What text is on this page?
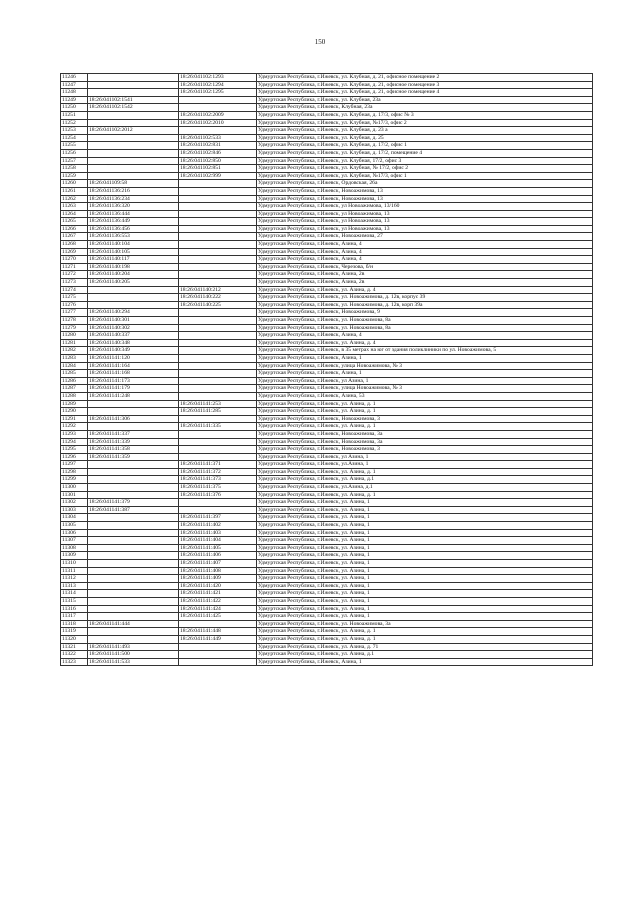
150
11246		18:26:041102:1293	Удмуртская Республика, г.Ижевск, ул. Клубная, д. 21, офисное помещение 2
11247		18:26:041102:1294	Удмуртская Республика, г.Ижевск, ул. Клубная, д. 21, офисное помещение 3
11248		18:26:041102:1295	Удмуртская Республика, г.Ижевск, ул. Клубная, д. 21, офисное помещение 4
11249	18:26:041102:1541		Удмуртская Республика, г.Ижевск, ул. Клубная, 23а
11250	18:26:041102:1542		Удмуртская Республика, г.Ижевск, Клубная, 23а
11251		18:26:041102:2009	Удмуртская Республика, г.Ижевск, ул. Клубная, д. 17/3, офис № 3
11252		18:26:041102:2010	Удмуртская Республика, г.Ижевск, ул. Клубная, №17/3, офис 2
11253	18:26:041102:2012		Удмуртская Республика, г.Ижевск, ул. Клубная, д. 23 а
11254		18:26:041102:533	Удмуртская Республика, г.Ижевск, ул. Клубная, д. 25
11255		18:26:041102:831	Удмуртская Республика, г.Ижевск, ул. Клубная, д. 17/2, офис 1
11256		18:26:041102:846	Удмуртская Республика, г.Ижевск, ул. Клубная, д. 17/2, помещение 4
11257		18:26:041102:850	Удмуртская Республика, г.Ижевск, ул. Клубная, 17/2, офис 3
11258		18:26:041102:851	Удмуртская Республика, г.Ижевск, ул. Клубная, № 17/2, офис 2
11259		18:26:041102:999	Удмуртская Республика, г.Ижевск, ул. Клубная, №17/3, офис 1
11260	18:26:041109:58		Удмуртская Республика, г.Ижевск, Ордовская, 26а
11261	18:26:041136:216		Удмуртская Республика, г.Ижевск, Новоажимова, 13
11262	18:26:041136:234		Удмуртская Республика, г.Ижевск, Новоажимова, 13
11263	18:26:041136:320		Удмуртская Республика, г.Ижевск, ул Новоажимова, 13/160
11264	18:26:041136:444		Удмуртская Республика, г.Ижевск, ул Новоажимова, 13
11265	18:26:041136:449		Удмуртская Республика, г.Ижевск, ул Новоажимова, 13
11266	18:26:041136:456		Удмуртская Республика, г.Ижевск, ул Новоажимова, 13
11267	18:26:041136:553		Удмуртская Республика, г.Ижевск, Новоажимова, 27
11268	18:26:041140:104		Удмуртская Республика, г.Ижевск, Азина, 4
11269	18:26:041140:105		Удмуртская Республика, г.Ижевск, Азина, 4
11270	18:26:041140:117		Удмуртская Республика, г.Ижевск, Азина, 4
11271	18:26:041140:198		Удмуртская Республика, г.Ижевск, Черезова, б/н
11272	18:26:041140:204		Удмуртская Республика, г.Ижевск, Азина, 2в
11273	18:26:041140:205		Удмуртская Республика, г.Ижевск, Азина, 2в
11274		18:26:041140:212	Удмуртская Республика, г.Ижевск, ул. Азина, д. 4
11275		18:26:041140:222	Удмуртская Республика, г.Ижевск, ул. Новоажимова, д. 12в, корпус 39
11276		18:26:041140:225	Удмуртская Республика, г.Ижевск, ул. Новоажимова, д. 12в, корп 39а
11277	18:26:041140:294		Удмуртская Республика, г.Ижевск, Новоажимова, 9
11278	18:26:041140:301		Удмуртская Республика, г.Ижевск, ул. Новоажимова, 8а
11279	18:26:041140:302		Удмуртская Республика, г.Ижевск, ул. Новоажимова, 8а
11280	18:26:041140:337		Удмуртская Республика, г.Ижевск, Азина, 4
11281	18:26:041140:348		Удмуртская Республика, г.Ижевск, ул. Азина, д. 4
11282	18:26:041140:349		Удмуртская Республика, г.Ижевск, в 35 метрах на юг от здания поликлиники по ул. Новоажимова, 5
11283	18:26:041141:120		Удмуртская Республика, г.Ижевск, Азина, 1
11284	18:26:041141:164		Удмуртская Республика, г.Ижевск, улица Новоажимова, № 3
11285	18:26:041141:168		Удмуртская Республика, г.Ижевск, Азина, 1
11286	18:26:041141:173		Удмуртская Республика, г.Ижевск, ул Азина, 1
11287	18:26:041141:179		Удмуртская Республика, г.Ижевск, улица Новоажимова, № 3
11288	18:26:041141:248		Удмуртская Республика, г.Ижевск, Азина, 53
11289		18:26:041141:253	Удмуртская Республика, г.Ижевск, ул. Азина, д. 1
11290		18:26:041141:285	Удмуртская Республика, г.Ижевск, ул. Азина, д. 1
11291	18:26:041141:306		Удмуртская Республика, г.Ижевск, Новоажимова, 3
11292		18:26:041141:335	Удмуртская Республика, г.Ижевск, ул. Азина, д. 1
11293	18:26:041141:337		Удмуртская Республика, г.Ижевск, Новоажимова, 3а
11294	18:26:041141:339		Удмуртская Республика, г.Ижевск, Новоажимова, 3а
11295	18:26:041141:358		Удмуртская Республика, г.Ижевск, Новоажимова, 3
11296	18:26:041141:359		Удмуртская Республика, г.Ижевск, ул Азина, 1
11297		18:26:041141:371	Удмуртская Республика, г.Ижевск, ул.Азина, 1
11298		18:26:041141:372	Удмуртская Республика, г.Ижевск, ул. Азина, д. 1
11299		18:26:041141:373	Удмуртская Республика, г.Ижевск, ул. Азина, д.1
11300		18:26:041141:375	Удмуртская Республика, г.Ижевск, ул.Азина, д.1
11301		18:26:041141:376	Удмуртская Республика, г.Ижевск, ул. Азина, д. 1
11302	18:26:041141:379		Удмуртская Республика, г.Ижевск, ул. Азина, 1
11303	18:26:041141:387		Удмуртская Республика, г.Ижевск, ул. Азина, 1
11304		18:26:041141:397	Удмуртская Республика, г.Ижевск, ул. Азина, 1
11305		18:26:041141:402	Удмуртская Республика, г.Ижевск, ул. Азина, 1
11306		18:26:041141:403	Удмуртская Республика, г.Ижевск, ул. Азина, 1
11307		18:26:041141:404	Удмуртская Республика, г.Ижевск, ул. Азина, 1
11308		18:26:041141:405	Удмуртская Республика, г.Ижевск, ул. Азина, 1
11309		18:26:041141:406	Удмуртская Республика, г.Ижевск, ул. Азина, 1
11310		18:26:041141:407	Удмуртская Республика, г.Ижевск, ул. Азина, 1
11311		18:26:041141:408	Удмуртская Республика, г.Ижевск, ул. Азина, 1
11312		18:26:041141:409	Удмуртская Республика, г.Ижевск, ул. Азина, 1
11313		18:26:041141:420	Удмуртская Республика, г.Ижевск, ул. Азина, 1
11314		18:26:041141:421	Удмуртская Республика, г.Ижевск, ул. Азина, 1
11315		18:26:041141:422	Удмуртская Республика, г.Ижевск, ул. Азина, 1
11316		18:26:041141:424	Удмуртская Республика, г.Ижевск, ул. Азина, 1
11317		18:26:041141:425	Удмуртская Республика, г.Ижевск, ул. Азина, 1
11318	18:26:041141:444		Удмуртская Республика, г.Ижевск, ул. Новоажимова, 3а
11319		18:26:041141:448	Удмуртская Республика, г.Ижевск, ул. Азина, д. 1
11320		18:26:041141:449	Удмуртская Республика, г.Ижевск, ул. Азина, д. 1
11321	18:26:041141:493		Удмуртская Республика, г.Ижевск, ул. Азина, д. 71
11322	18:26:041141:500		Удмуртская Республика, г.Ижевск, ул. Азина, д.1
11323	18:26:041141:533		Удмуртская Республика, г.Ижевск, Азина, 1
